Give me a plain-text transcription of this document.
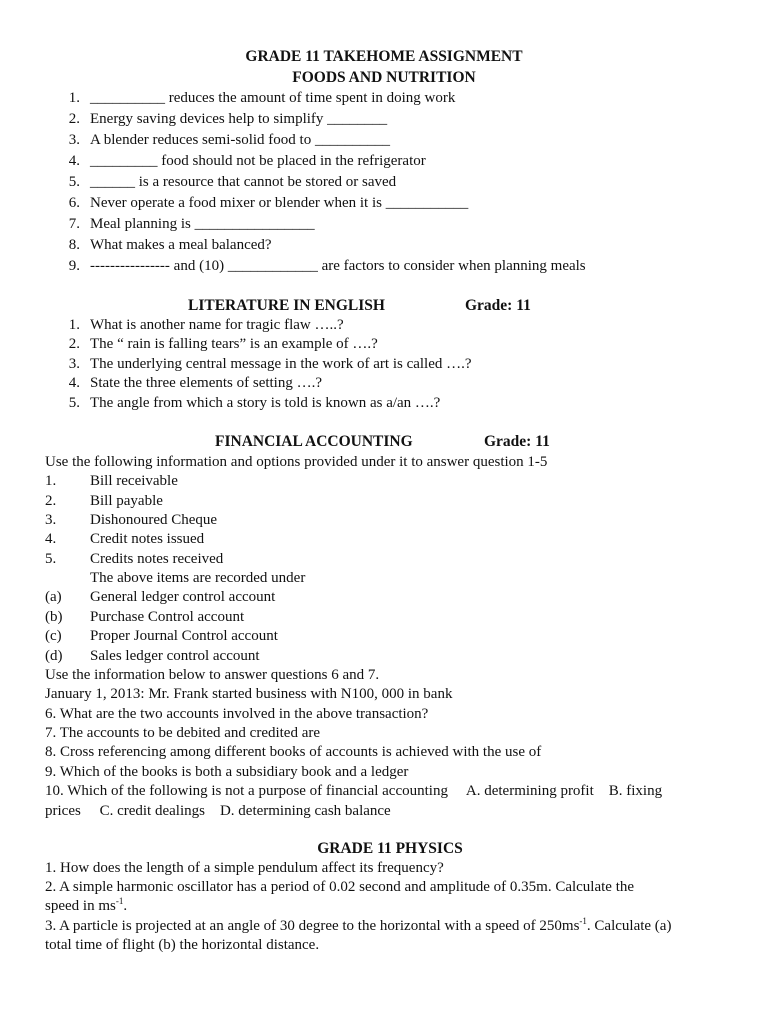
GRADE 11 TAKEHOME ASSIGNMENT
FOODS AND NUTRITION
1. __________ reduces the amount of time spent in doing work
2. Energy saving devices help to simplify ________
3. A blender reduces semi-solid food to __________
4. _________ food should not be placed in the refrigerator
5. ______ is a resource that cannot be stored or saved
6. Never operate a food mixer or blender when it is ___________
7. Meal planning is ________________
8. What makes a meal balanced?
9. ---------------- and (10) ____________ are factors to consider when planning meals
LITERATURE IN ENGLISH	Grade: 11
1. What is another name for tragic flaw …..?
2. The “ rain is falling tears” is an example of ….?
3. The underlying central message in the work of art is called ….?
4. State the three elements of setting ….?
5. The angle from which a story is told is known as a/an ….?
FINANCIAL ACCOUNTING	Grade: 11
Use the following information and options provided under it to answer question 1-5
1. Bill receivable
2. Bill payable
3. Dishonoured Cheque
4. Credit notes issued
5. Credits notes received
The above items are recorded under
(a) General ledger control account
(b) Purchase Control account
(c) Proper Journal Control account
(d) Sales ledger control account
Use the information below to answer questions 6 and 7.
January 1, 2013: Mr. Frank started business with N100, 000 in bank
6. What are the two accounts involved in the above transaction?
7. The accounts to be debited and credited are
8. Cross referencing among different books of accounts is achieved with the use of
9. Which of the books is both a subsidiary book and a ledger
10. Which of the following is not a purpose of financial accounting     A. determining profit    B. fixing
prices     C. credit dealings    D. determining cash balance
GRADE 11 PHYSICS
1. How does the length of a simple pendulum affect its frequency?
2. A simple harmonic oscillator has a period of 0.02 second and amplitude of 0.35m. Calculate the
speed in $ms^{-1}$.
3. A particle is projected at an angle of 30 degree to the horizontal with a speed of $250ms^{-1}$. Calculate (a)
total time of flight (b) the horizontal distance.
